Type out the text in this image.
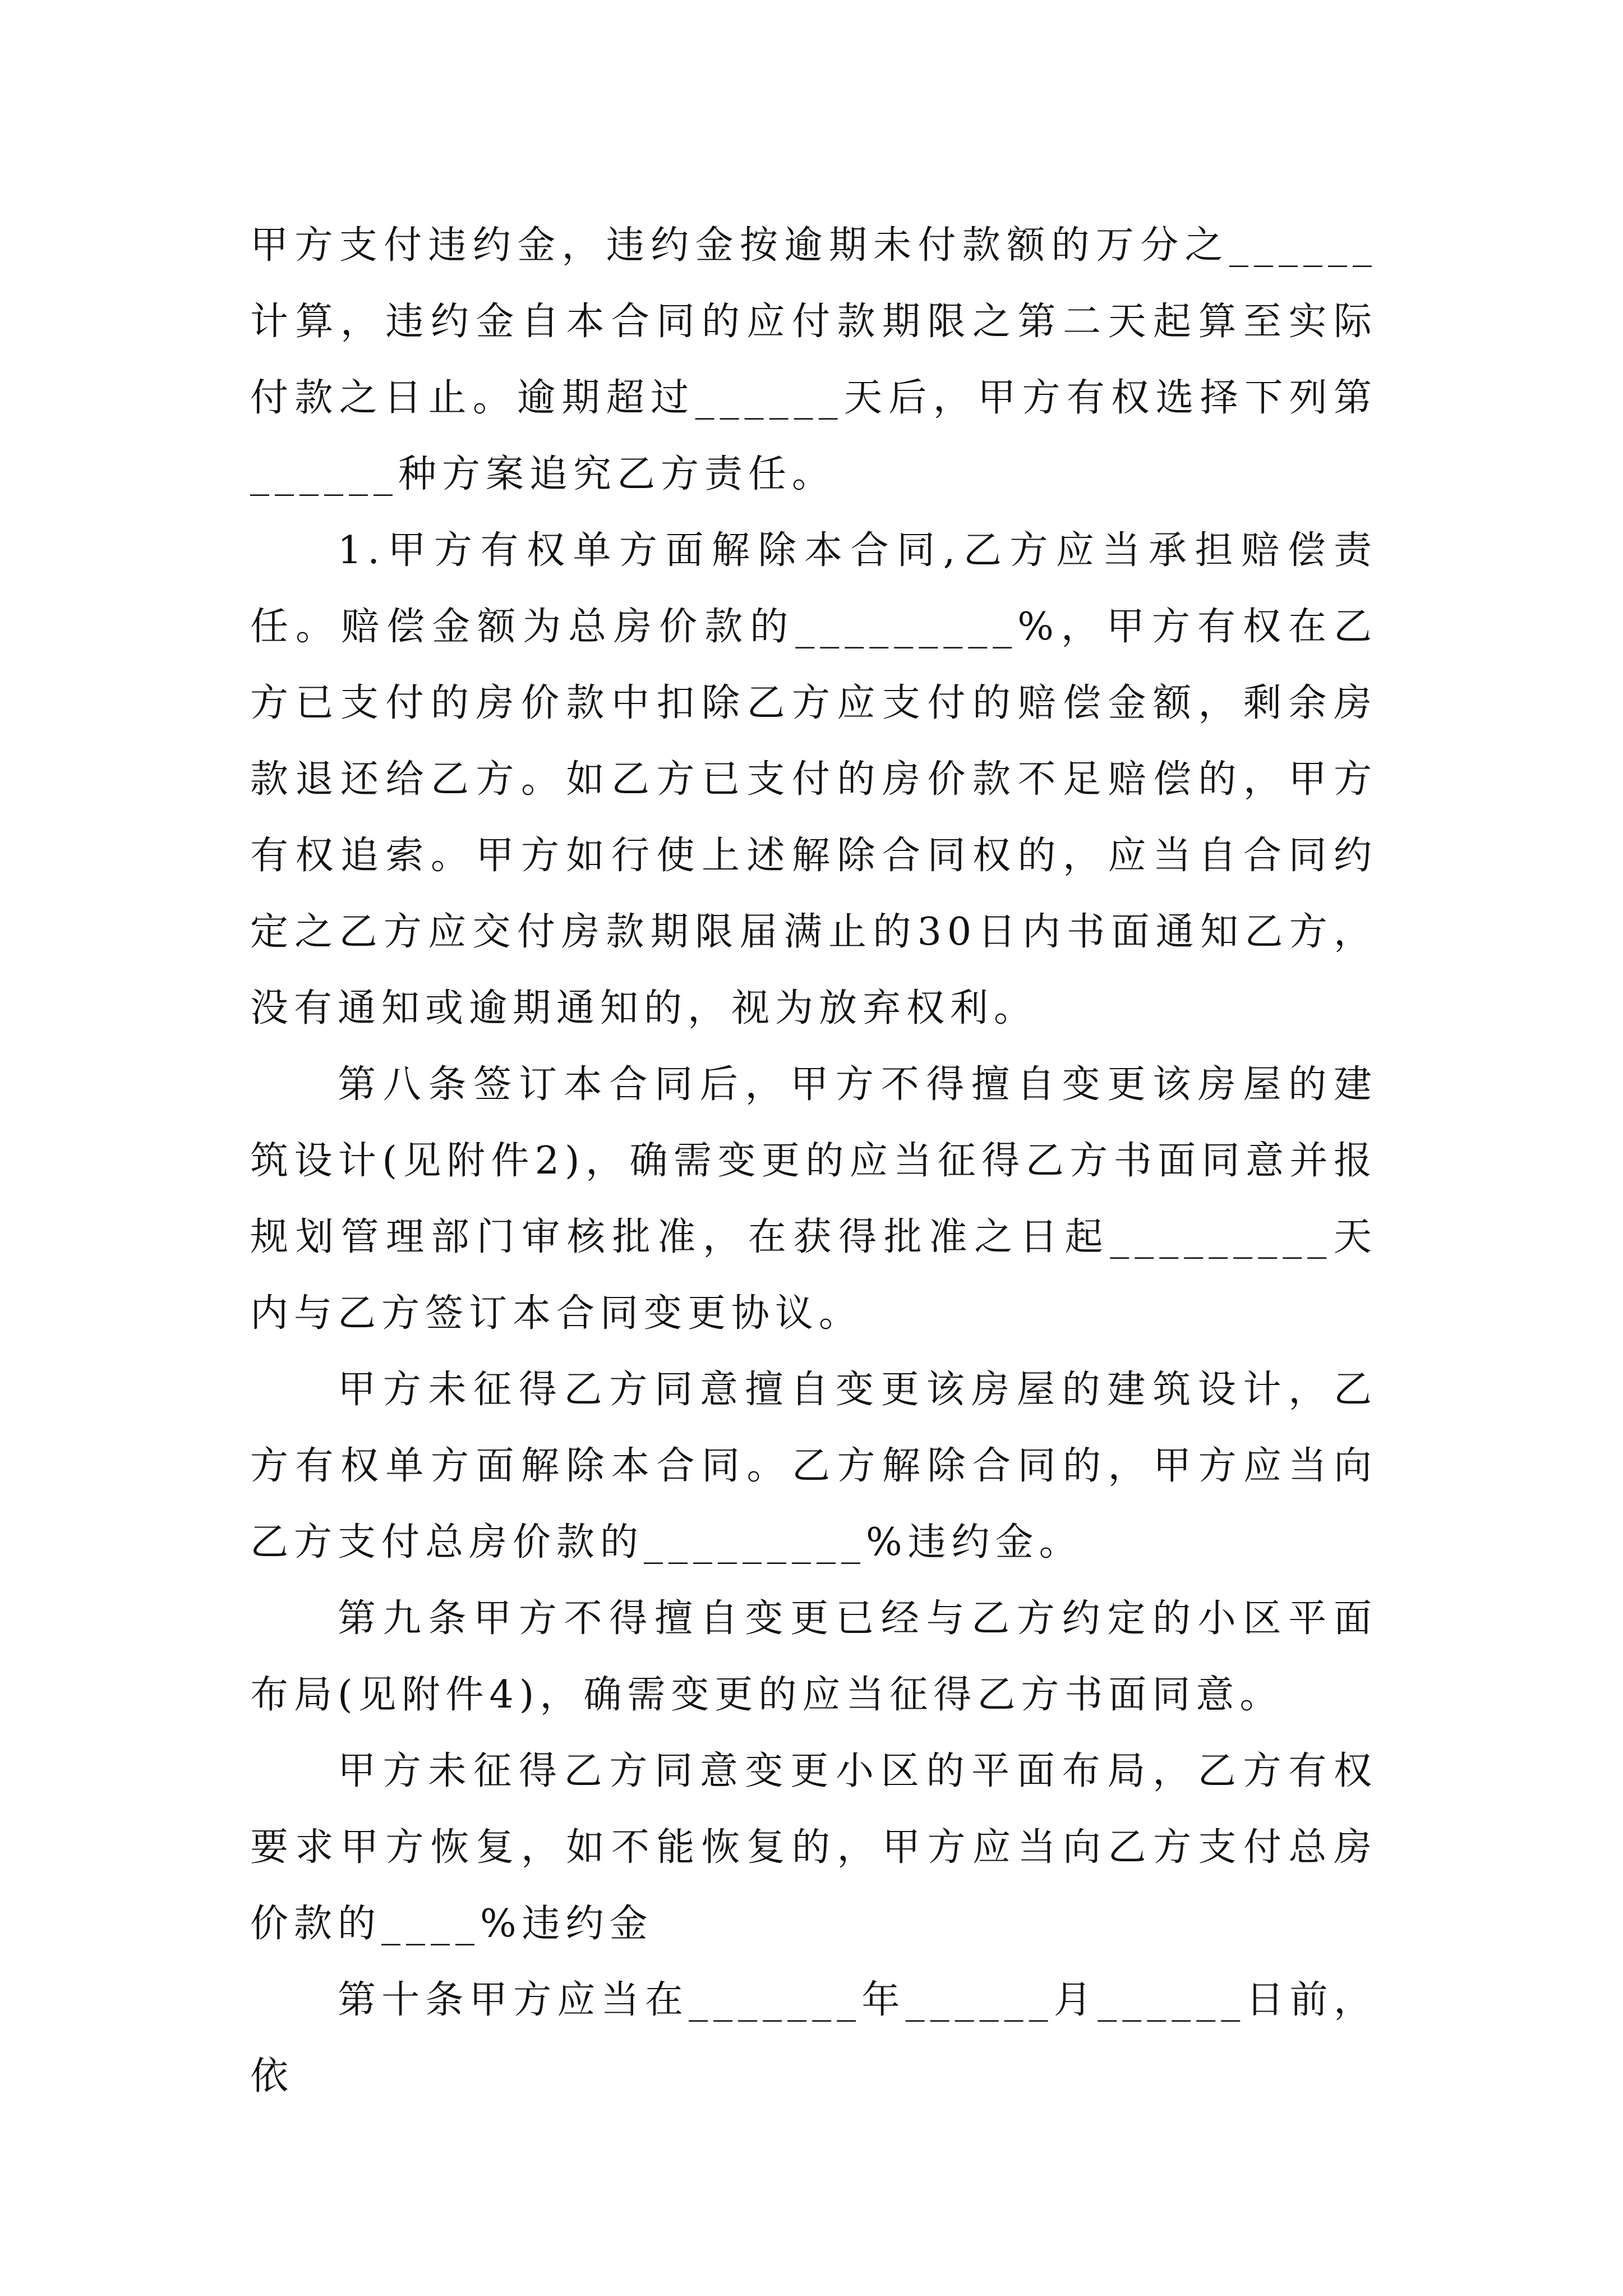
甲方支付违约金，违约金按逾期未付款额的万分之______计算，违约金自本合同的应付款期限之第二天起算至实际付款之日止。逾期超过______天后，甲方有权选择下列第______种方案追究乙方责任。

1.甲方有权单方面解除本合同,乙方应当承担赔偿责任。赔偿金额为总房价款的_________%，甲方有权在乙方已支付的房价款中扣除乙方应支付的赔偿金额，剩余房款退还给乙方。如乙方已支付的房价款不足赔偿的，甲方有权追索。甲方如行使上述解除合同权的，应当自合同约定之乙方应交付房款期限届满止的30日内书面通知乙方，没有通知或逾期通知的，视为放弃权利。

第八条签订本合同后，甲方不得擅自变更该房屋的建筑设计(见附件2)，确需变更的应当征得乙方书面同意并报规划管理部门审核批准，在获得批准之日起_________天内与乙方签订本合同变更协议。

甲方未征得乙方同意擅自变更该房屋的建筑设计，乙方有权单方面解除本合同。乙方解除合同的，甲方应当向乙方支付总房价款的_________%违约金。

第九条甲方不得擅自变更已经与乙方约定的小区平面布局(见附件4)，确需变更的应当征得乙方书面同意。

甲方未征得乙方同意变更小区的平面布局，乙方有权要求甲方恢复，如不能恢复的，甲方应当向乙方支付总房价款的____%违约金

第十条甲方应当在_______年______月______日前，依
